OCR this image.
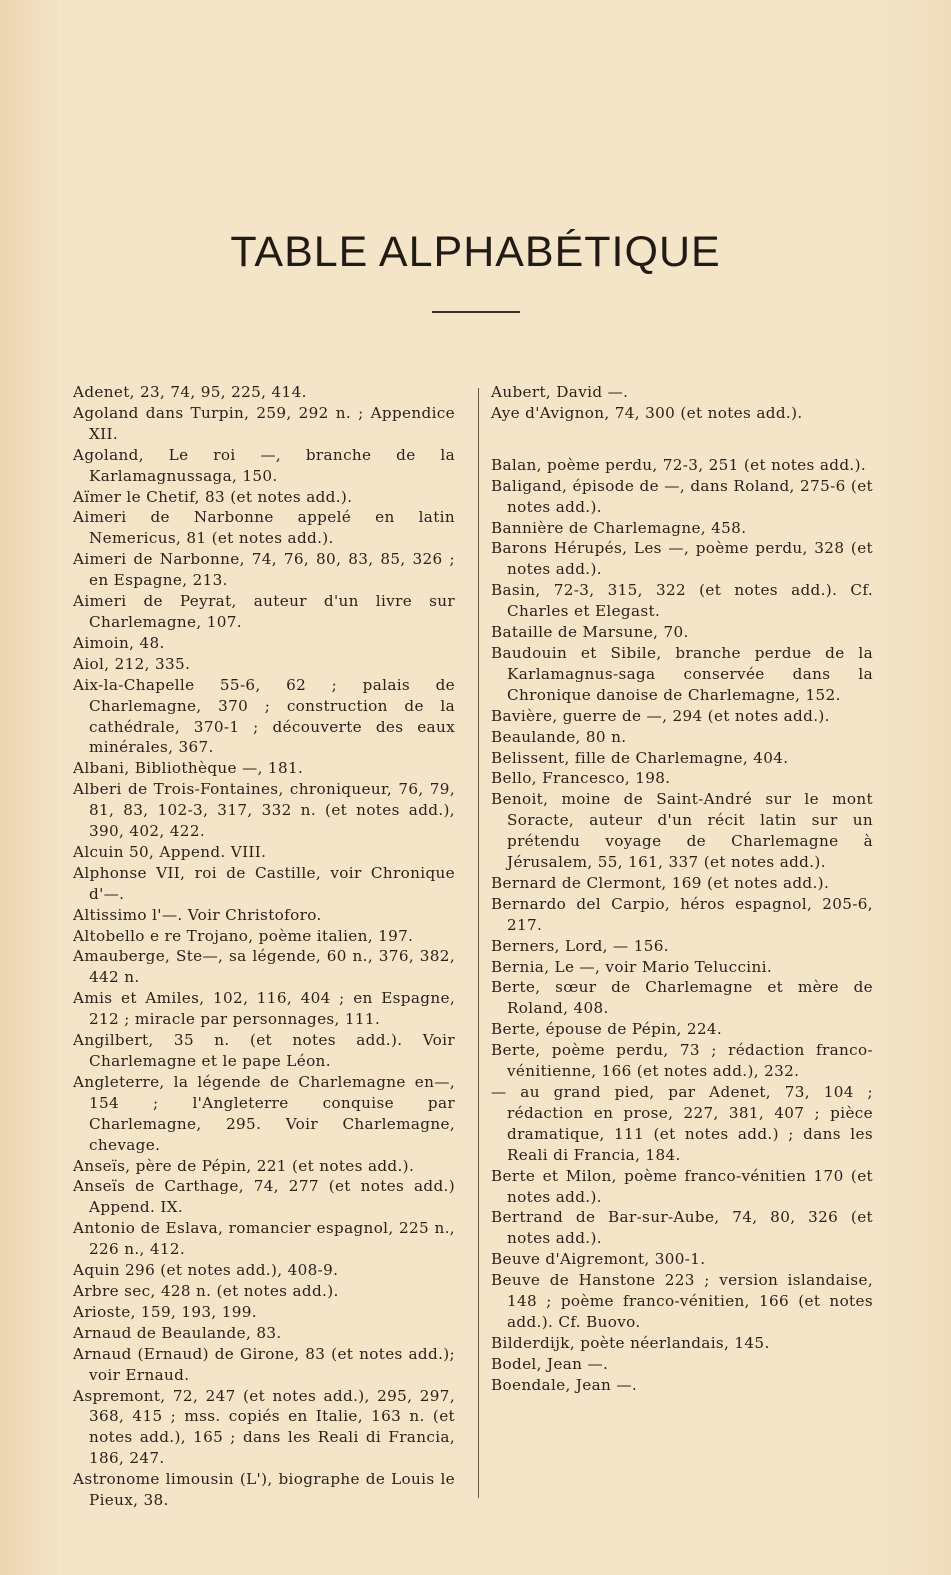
TABLE ALPHABÉTIQUE
Adenet, 23, 74, 95, 225, 414.
Agoland dans Turpin, 259, 292 n. ; Appendice XII.
Agoland, Le roi —, branche de la Karlamagnussaga, 150.
Aïmer le Chetif, 83 (et notes add.).
Aimeri de Narbonne appelé en latin Nemericus, 81 (et notes add.).
Aimeri de Narbonne, 74, 76, 80, 83, 85, 326 ; en Espagne, 213.
Aimeri de Peyrat, auteur d'un livre sur Charlemagne, 107.
Aimoin, 48.
Aiol, 212, 335.
Aix-la-Chapelle 55-6, 62 ; palais de Charlemagne, 370 ; construction de la cathédrale, 370-1 ; découverte des eaux minérales, 367.
Albani, Bibliothèque —, 181.
Alberi de Trois-Fontaines, chroniqueur, 76, 79, 81, 83, 102-3, 317, 332 n. (et notes add.), 390, 402, 422.
Alcuin 50, Append. VIII.
Alphonse VII, roi de Castille, voir Chronique d'—.
Altissimo l'—. Voir Christoforo.
Altobello e re Trojano, poème italien, 197.
Amauberge, Ste—, sa légende, 60 n., 376, 382, 442 n.
Amis et Amiles, 102, 116, 404 ; en Espagne, 212 ; miracle par personnages, 111.
Angilbert, 35 n. (et notes add.). Voir Charlemagne et le pape Léon.
Angleterre, la légende de Charlemagne en—, 154 ; l'Angleterre conquise par Charlemagne, 295. Voir Charlemagne, chevage.
Anseïs, père de Pépin, 221 (et notes add.).
Anseïs de Carthage, 74, 277 (et notes add.) Append. IX.
Antonio de Eslava, romancier espagnol, 225 n., 226 n., 412.
Aquin 296 (et notes add.), 408-9.
Arbre sec, 428 n. (et notes add.).
Arioste, 159, 193, 199.
Arnaud de Beaulande, 83.
Arnaud (Ernaud) de Girone, 83 (et notes add.); voir Ernaud.
Aspremont, 72, 247 (et notes add.), 295, 297, 368, 415 ; mss. copiés en Italie, 163 n. (et notes add.), 165 ; dans les Reali di Francia, 186, 247.
Astronome limousin (L'), biographe de Louis le Pieux, 38.
Aubert, David —.
Aye d'Avignon, 74, 300 (et notes add.).
Balan, poème perdu, 72-3, 251 (et notes add.).
Baligand, épisode de —, dans Roland, 275-6 (et notes add.).
Bannière de Charlemagne, 458.
Barons Hérupés, Les —, poème perdu, 328 (et notes add.).
Basin, 72-3, 315, 322 (et notes add.). Cf. Charles et Elegast.
Bataille de Marsune, 70.
Baudouin et Sibile, branche perdue de la Karlamagnus-saga conservée dans la Chronique danoise de Charlemagne, 152.
Bavière, guerre de —, 294 (et notes add.).
Beaulande, 80 n.
Belissent, fille de Charlemagne, 404.
Bello, Francesco, 198.
Benoit, moine de Saint-André sur le mont Soracte, auteur d'un récit latin sur un prétendu voyage de Charlemagne à Jérusalem, 55, 161, 337 (et notes add.).
Bernard de Clermont, 169 (et notes add.).
Bernardo del Carpio, héros espagnol, 205-6, 217.
Berners, Lord, — 156.
Bernia, Le —, voir Mario Teluccini.
Berte, sœur de Charlemagne et mère de Roland, 408.
Berte, épouse de Pépin, 224.
Berte, poème perdu, 73 ; rédaction franco-vénitienne, 166 (et notes add.), 232.
— au grand pied, par Adenet, 73, 104 ; rédaction en prose, 227, 381, 407 ; pièce dramatique, 111 (et notes add.) ; dans les Reali di Francia, 184.
Berte et Milon, poème franco-vénitien 170 (et notes add.).
Bertrand de Bar-sur-Aube, 74, 80, 326 (et notes add.).
Beuve d'Aigremont, 300-1.
Beuve de Hanstone 223 ; version islandaise, 148 ; poème franco-vénitien, 166 (et notes add.). Cf. Buovo.
Bilderdijk, poète néerlandais, 145.
Bodel, Jean —.
Boendale, Jean —.
